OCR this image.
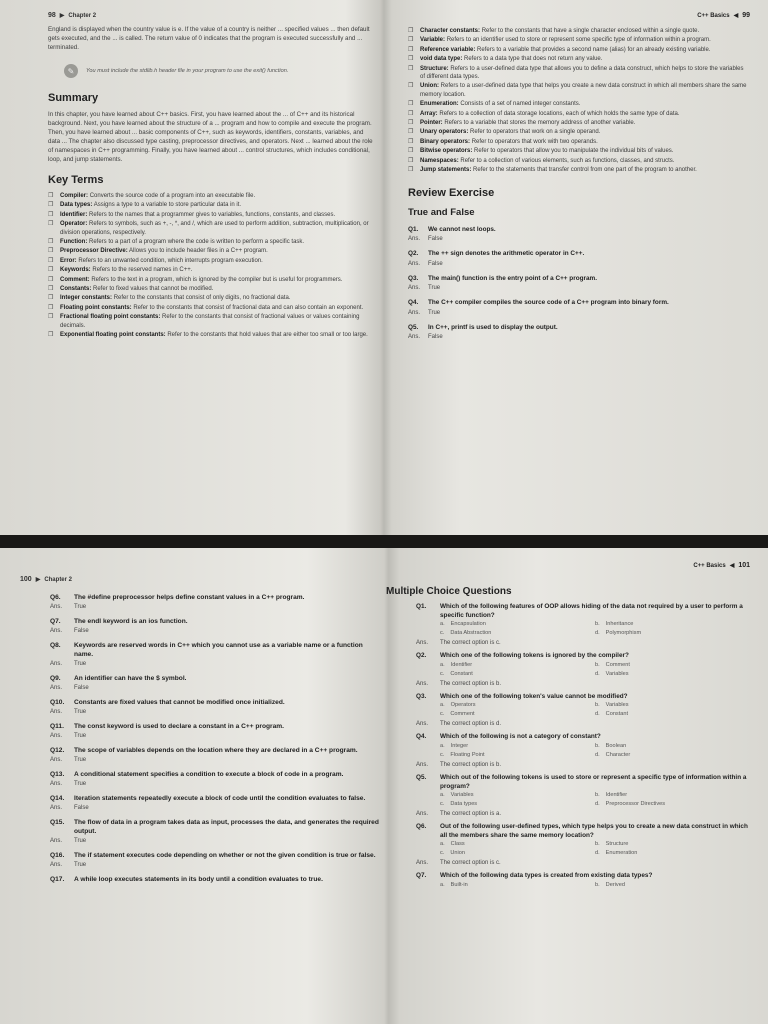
98 ▶ Chapter 2

England is displayed when the country value is e. If the value of a country is neither ... specified values ... then default gets executed, and the ... is called. The return value of 0 indicates that the program is executed successfully and ... terminated.

✎	You must include the stdlib.h header file in your program to use the exit() function.
Summary

In this chapter, you have learned about C++ basics. First, you have learned about the ... of C++ and its historical background. Next, you have learned about the structure of a ... program and how to compile and execute the program. Then, you have learned about ... basic components of C++, such as keywords, identifiers, constants, variables, and data ... The chapter also discussed type casting, preprocessor directives, and operators. Next ... learned about the role of namespaces in C++ programming. Finally, you have learned about ... control structures, which includes conditional, loop, and jump statements.

Key Terms
❐ Compiler: Converts the source code of a program into an executable file.
❐ Data types: Assigns a type to a variable to store particular data in it.
❐ Identifier: Refers to the names that a programmer gives to variables, functions, constants, and classes.
❐ Operator: Refers to symbols, such as +, -, *, and /, which are used to perform addition, subtraction, multiplication, or division operations, respectively.
❐ Function: Refers to a part of a program where the code is written to perform a specific task.
❐ Preprocessor Directive: Allows you to include header files in a C++ program.
❐ Error: Refers to an unwanted condition, which interrupts program execution.
❐ Keywords: Refers to the reserved names in C++.
❐ Comment: Refers to the text in a program, which is ignored by the compiler but is useful for programmers.
❐ Constants: Refer to fixed values that cannot be modified.
❐ Integer constants: Refer to the constants that consist of only digits, no fractional data.
❐ Floating point constants: Refer to the constants that consist of fractional data and can also contain an exponent.
❐ Fractional floating point constants: Refer to the constants that consist of fractional values or values containing decimals.
❐ Exponential floating point constants: Refer to the constants that hold values that are either too small or too large.
C++ Basics ◀ 99
❐ Character constants: Refer to the constants that have a single character enclosed within a single quote.
❐ Variable: Refers to an identifier used to store or represent some specific type of information within a program.
❐ Reference variable: Refers to a variable that provides a second name (alias) for an already existing variable.
❐ void data type: Refers to a data type that does not return any value.
❐ Structure: Refers to a user-defined data type that allows you to define a data construct, which helps to store the variables of different data types.
❐ Union: Refers to a user-defined data type that helps you create a new data construct in which all members share the same memory location.
❐ Enumeration: Consists of a set of named integer constants.
❐ Array: Refers to a collection of data storage locations, each of which holds the same type of data.
❐ Pointer: Refers to a variable that stores the memory address of another variable.
❐ Unary operators: Refer to operators that work on a single operand.
❐ Binary operators: Refer to operators that work with two operands.
❐ Bitwise operators: Refer to operators that allow you to manipulate the individual bits of values.
❐ Namespaces: Refer to a collection of various elements, such as functions, classes, and structs.
❐ Jump statements: Refer to the statements that transfer control from one part of the program to another.
Review Exercise
True and False
Q1.	We cannot nest loops.
Ans.	False
Q2.	The ++ sign denotes the arithmetic operator in C++.
Ans.	False
Q3.	The main() function is the entry point of a C++ program.
Ans.	True
Q4.	The C++ compiler compiles the source code of a C++ program into binary form.
Ans.	True
Q5.	In C++, printf is used to display the output.
Ans.	False
100 ▶ Chapter 2
Q6.	The #define preprocessor helps define constant values in a C++ program.
Ans.	True
Q7.	The endl keyword is an ios function.
Ans.	False
Q8.	Keywords are reserved words in C++ which you cannot use as a variable name or a function name.
Ans.	True
Q9.	An identifier can have the $ symbol.
Ans.	False
Q10.	Constants are fixed values that cannot be modified once initialized.
Ans.	True
Q11.	The const keyword is used to declare a constant in a C++ program.
Ans.	True
Q12.	The scope of variables depends on the location where they are declared in a C++ program.
Ans.	True
Q13.	A conditional statement specifies a condition to execute a block of code in a program.
Ans.	True
Q14.	Iteration statements repeatedly execute a block of code until the condition evaluates to false.
Ans.	False
Q15.	The flow of data in a program takes data as input, processes the data, and generates the required output.
Ans.	True
Q16.	The if statement executes code depending on whether or not the given condition is true or false.
Ans.	True
Q17.	A while loop executes statements in its body until a condition evaluates to true.
C++ Basics ◀ 101
Multiple Choice Questions
Q1.	Which of the following features of OOP allows hiding of the data not required by a user to perform a specific function?
a. Encapsulation	b. Inheritance
c. Data Abstraction	d. Polymorphism
Ans.	The correct option is c.
Q2.	Which one of the following tokens is ignored by the compiler?
a. Identifier	b. Comment
c. Constant	d. Variables
Ans.	The correct option is b.
Q3.	Which one of the following token's value cannot be modified?
a. Operators	b. Variables
c. Comment	d. Constant
Ans.	The correct option is d.
Q4.	Which of the following is not a category of constant?
a. Integer	b. Boolean
c. Floating Point	d. Character
Ans.	The correct option is b.
Q5.	Which out of the following tokens is used to store or represent a specific type of information within a program?
a. Variables	b. Identifier
c. Data types	d. Preprocessor Directives
Ans.	The correct option is a.
Q6.	Out of the following user-defined types, which type helps you to create a new data construct in which all the members share the same memory location?
a. Class	b. Structure
c. Union	d. Enumeration
Ans.	The correct option is c.
Q7.	Which of the following data types is created from existing data types?
a. Built-in	b. Derived
